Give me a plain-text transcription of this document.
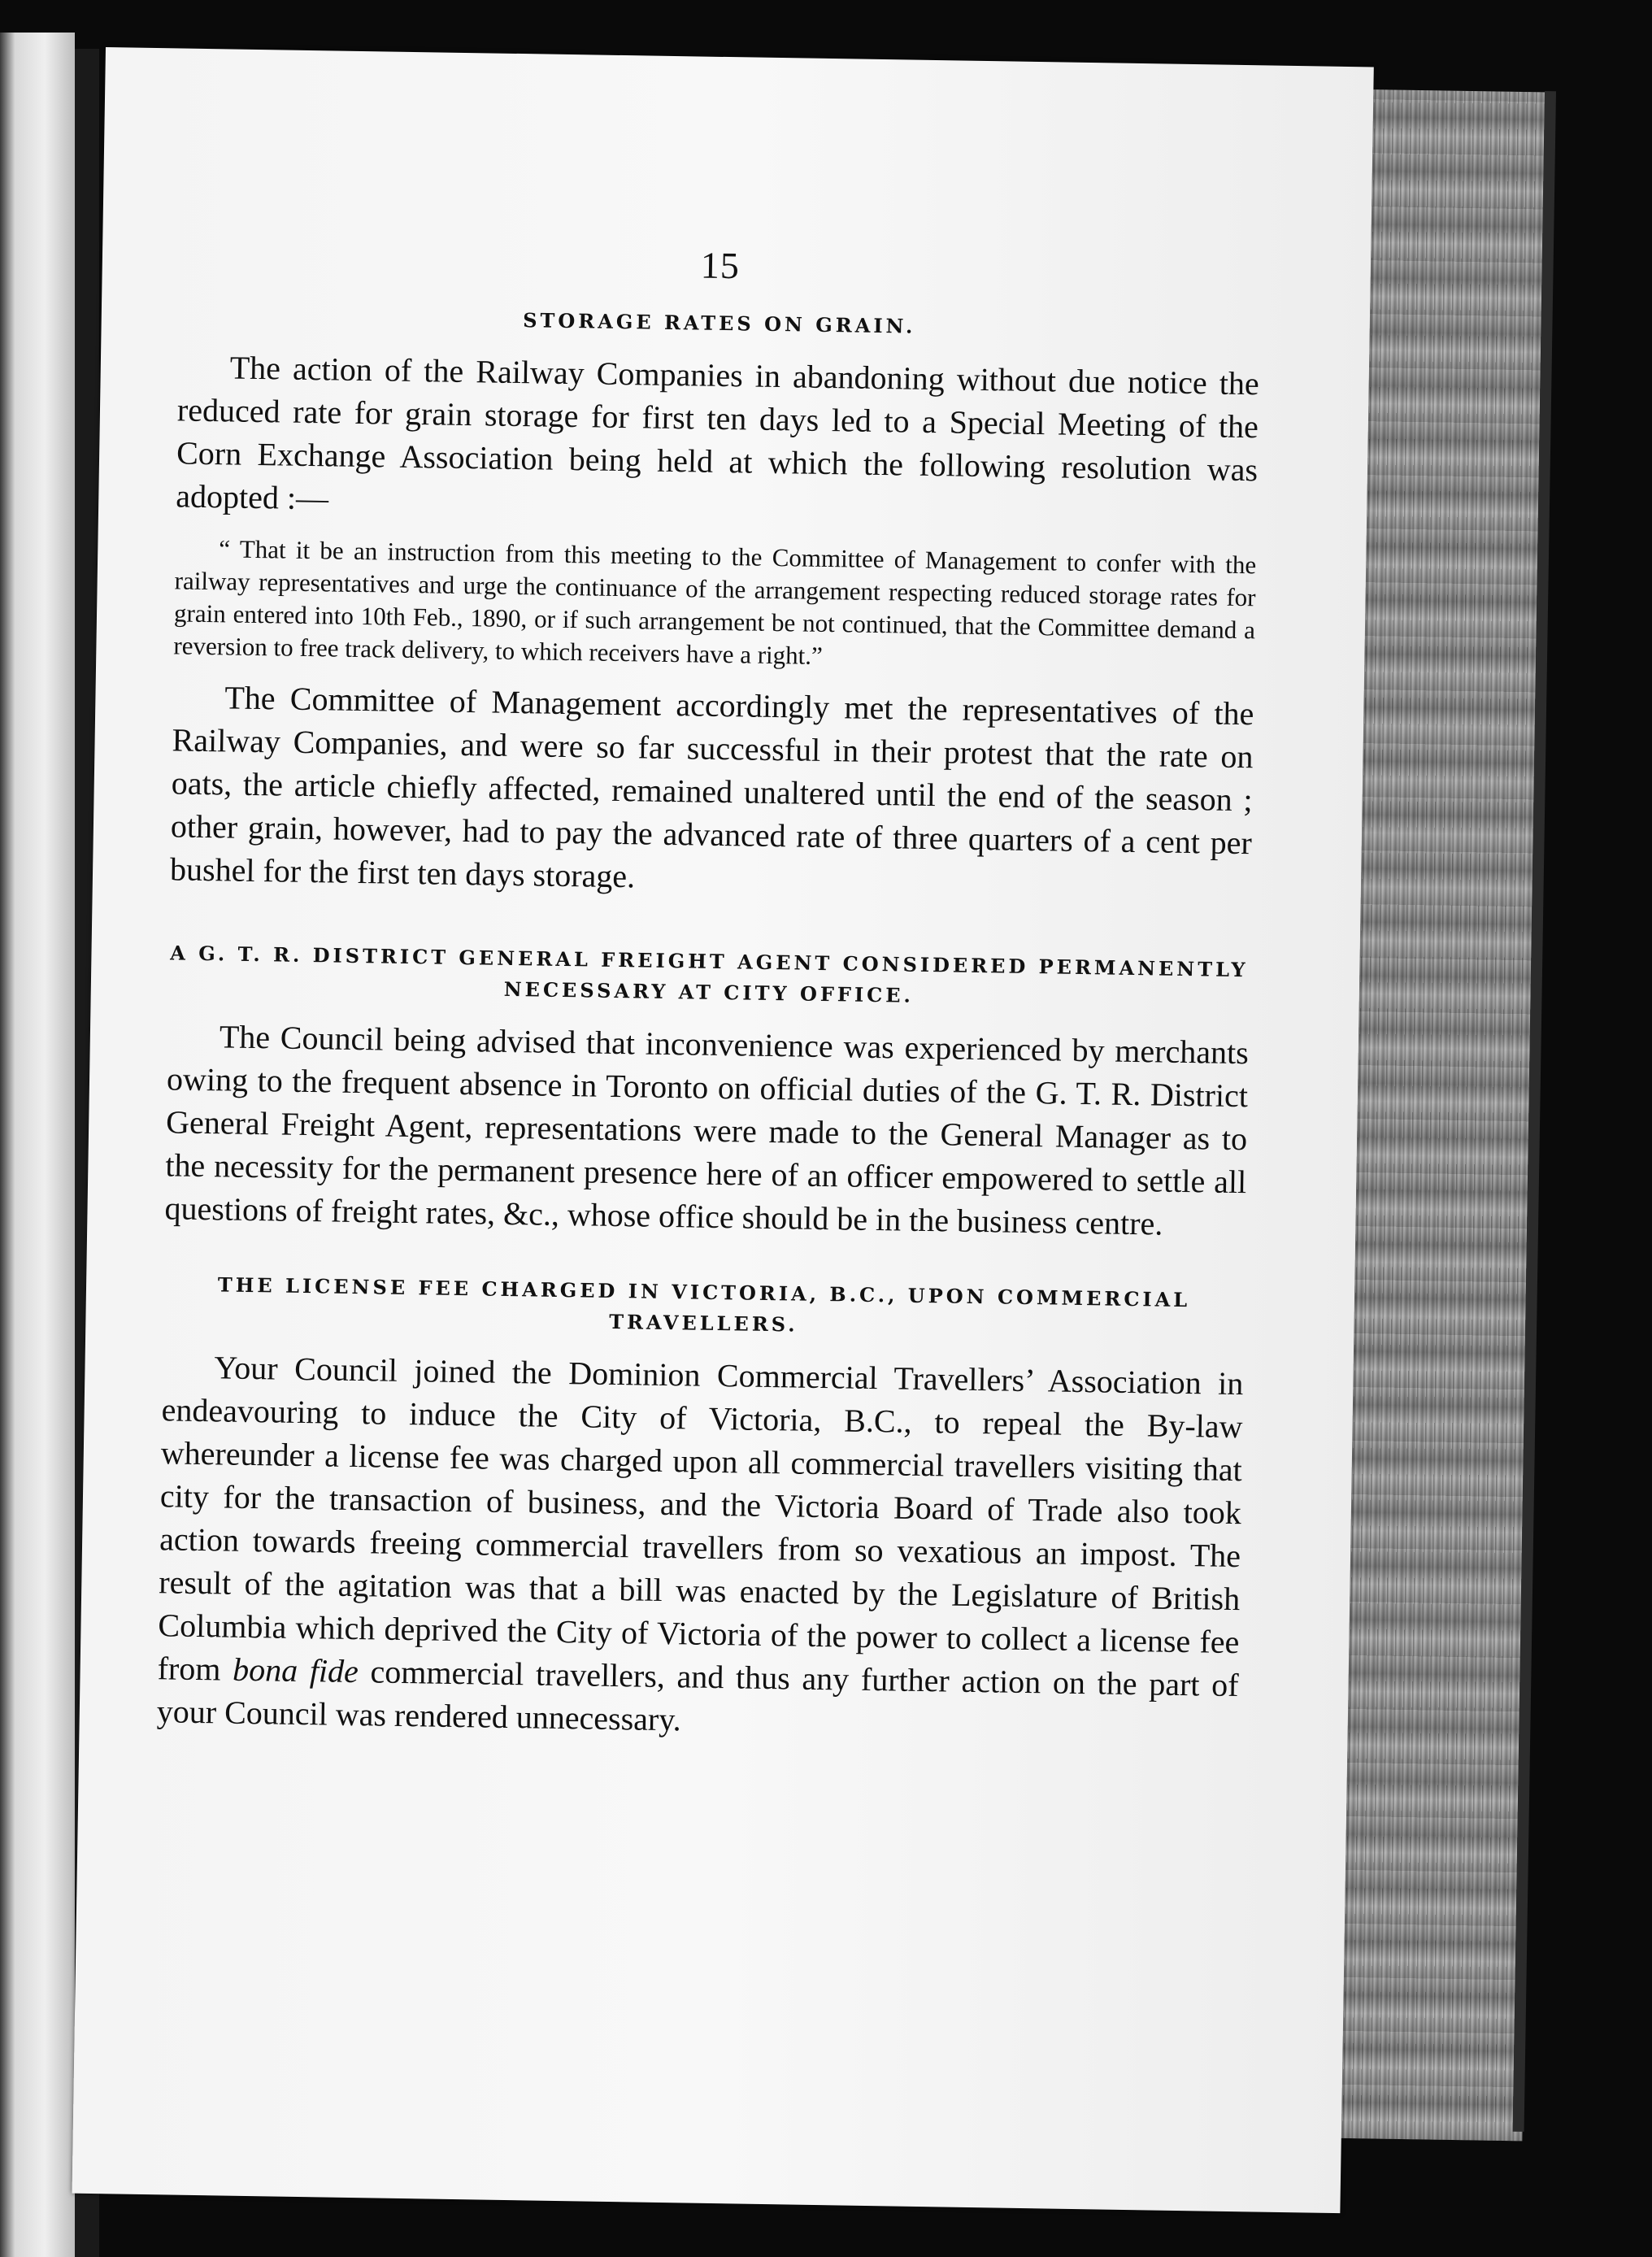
15
STORAGE RATES ON GRAIN.

The action of the Railway Companies in abandoning without due notice the reduced rate for grain storage for first ten days led to a Special Meeting of the Corn Exchange Association being held at which the following resolution was adopted :—

“ That it be an instruction from this meeting to the Committee of Management to confer with the railway representatives and urge the continuance of the arrangement respecting reduced storage rates for grain entered into 10th Feb., 1890, or if such arrangement be not continued, that the Committee demand a reversion to free track delivery, to which receivers have a right.”

The Committee of Management accordingly met the representatives of the Railway Companies, and were so far successful in their protest that the rate on oats, the article chiefly affected, remained unaltered until the end of the season ; other grain, however, had to pay the advanced rate of three quarters of a cent per bushel for the first ten days storage.

A G. T. R. DISTRICT GENERAL FREIGHT AGENT CONSIDERED PERMANENTLY
NECESSARY AT CITY OFFICE.

The Council being advised that inconvenience was experienced by merchants owing to the frequent absence in Toronto on official duties of the G. T. R. District General Freight Agent, representations were made to the General Manager as to the necessity for the permanent presence here of an officer empowered to settle all questions of freight rates, &c., whose office should be in the business centre.

THE LICENSE FEE CHARGED IN VICTORIA, B.C., UPON COMMERCIAL
TRAVELLERS.

Your Council joined the Dominion Commercial Travellers’ Association in endeavouring to induce the City of Victoria, B.C., to repeal the By-law whereunder a license fee was charged upon all commercial travellers visiting that city for the transaction of business, and the Victoria Board of Trade also took action towards freeing commercial travellers from so vexatious an impost. The result of the agitation was that a bill was enacted by the Legislature of British Columbia which deprived the City of Victoria of the power to collect a license fee from bona fide commercial travellers, and thus any further action on the part of your Council was rendered unnecessary.
